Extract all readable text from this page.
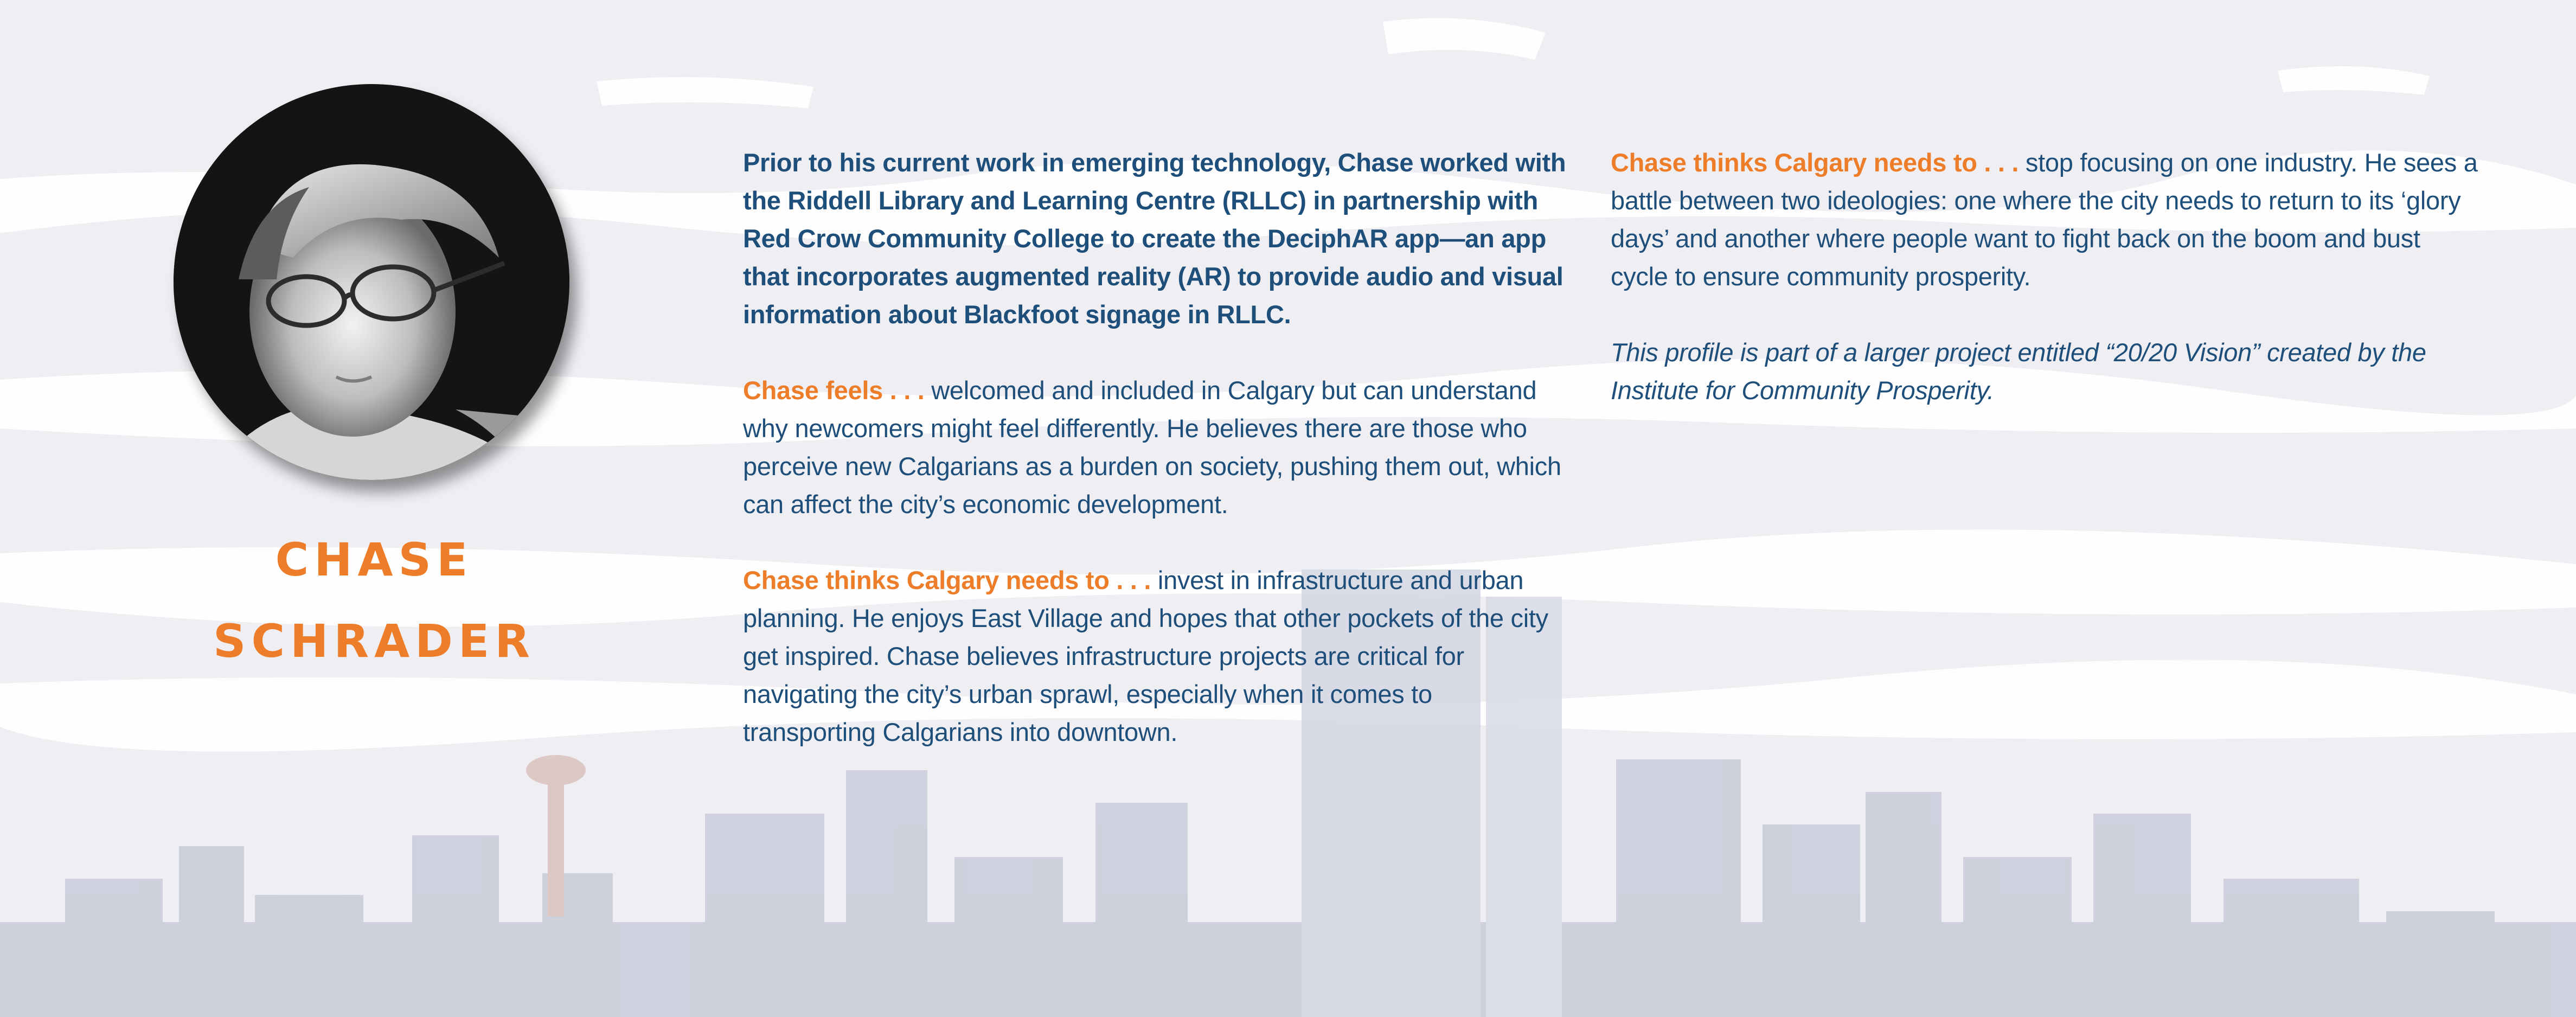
CHASE
SCHRADER

Prior to his current work in emerging technology, Chase worked with the Riddell Library and Learning Centre (RLLC) in partnership with Red Crow Community College to create the DeciphAR app—an app that incorporates augmented reality (AR) to provide audio and visual information about Blackfoot signage in RLLC.

Chase feels . . . welcomed and included in Calgary but can understand why newcomers might feel differently. He believes there are those who perceive new Calgarians as a burden on society, pushing them out, which can affect the city’s economic development.

Chase thinks Calgary needs to . . . invest in infrastructure and urban planning. He enjoys East Village and hopes that other pockets of the city get inspired. Chase believes infrastructure projects are critical for navigating the city’s urban sprawl, especially when it comes to transporting Calgarians into downtown.

Chase thinks Calgary needs to . . . stop focusing on one industry. He sees a battle between two ideologies: one where the city needs to return to its ‘glory days’ and another where people want to fight back on the boom and bust cycle to ensure community prosperity.

This profile is part of a larger project entitled “20/20 Vision” created by the Institute for Community Prosperity.
